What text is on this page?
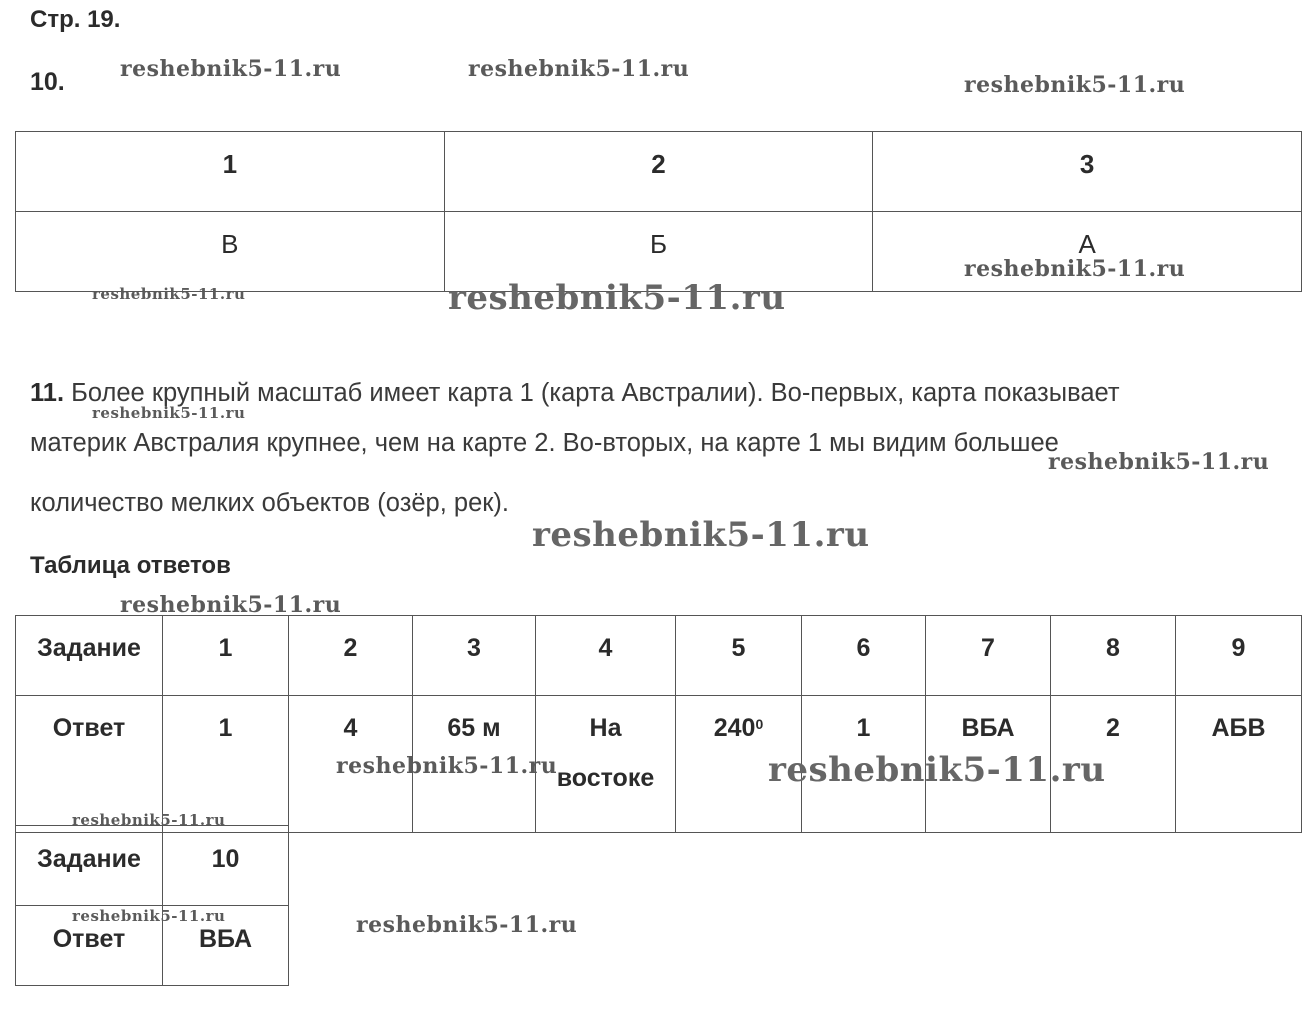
Стр. 19.
10.
1	2	3
В	Б	А
11. Более крупный масштаб имеет карта 1 (карта Австралии). Во-первых, карта показывает
материк Австралия крупнее, чем на карте 2. Во-вторых, на карте 1 мы видим большее
количество мелких объектов (озёр, рек).
Таблица ответов
Задание	1	2	3	4	5	6	7	8	9
Ответ	1	4	65 м	На
востоке	$240^0$	1	ВБА	2	АБВ
Задание	10
Ответ	ВБА
reshebnik5-11.ru	reshebnik5-11.ru
reshebnik5-11.ru
reshebnik5-11.ru
reshebnik5-11.ru	reshebnik5-11.ru
reshebnik5-11.ru
reshebnik5-11.ru
reshebnik5-11.ru
reshebnik5-11.ru
reshebnik5-11.ru	reshebnik5-11.ru
reshebnik5-11.ru
reshebnik5-11.ru	reshebnik5-11.ru
